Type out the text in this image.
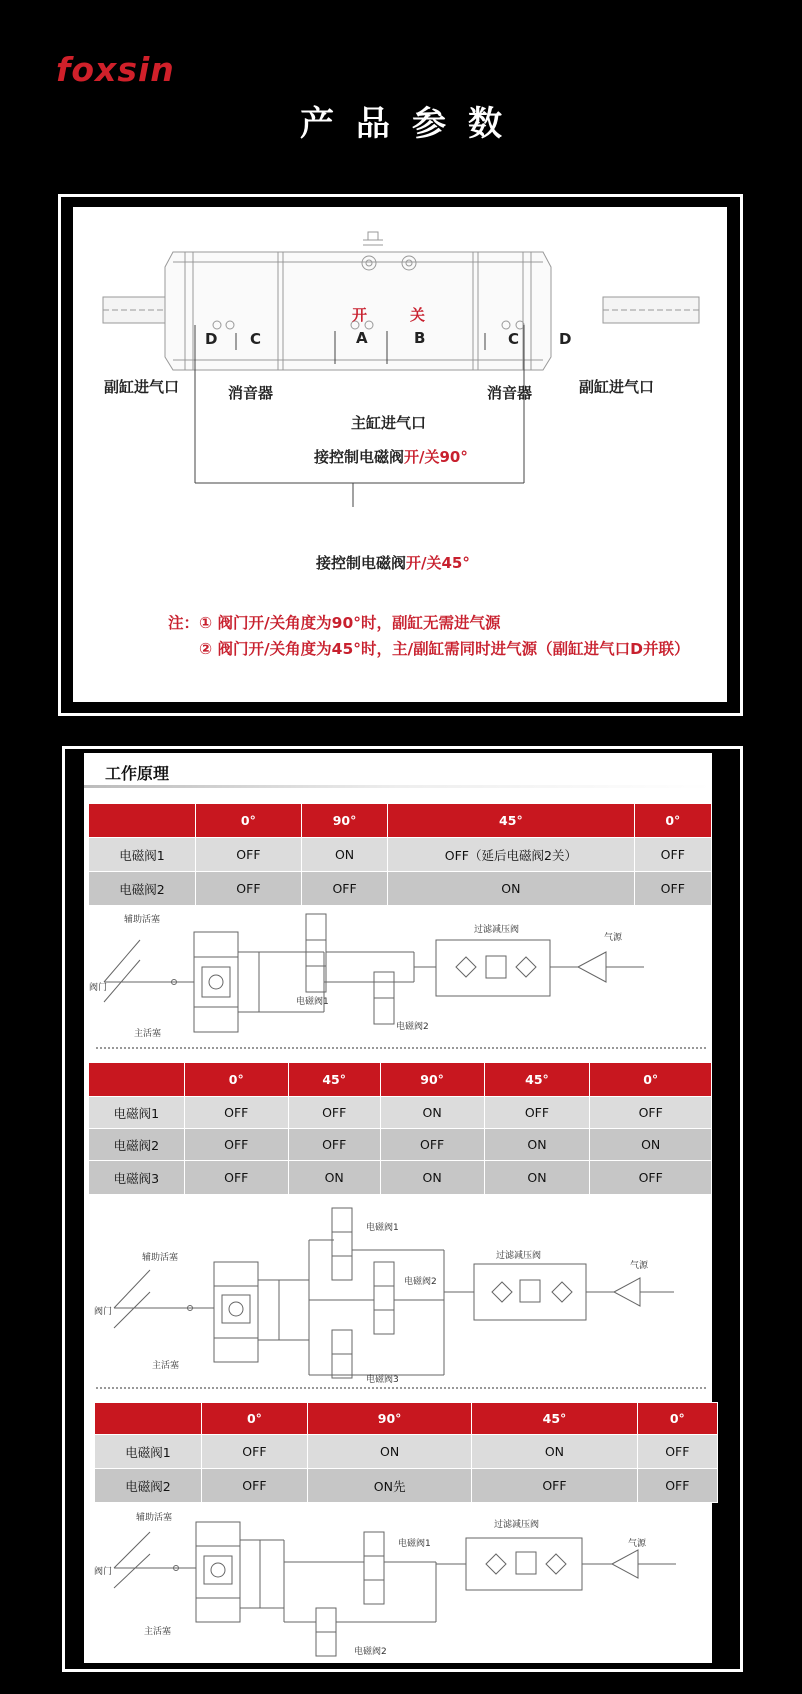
foxsin
产品参数
开	关
D C	A	B	C	D
副缸进气口	副缸进气口
消音器	消音器
主缸进气口
接控制电磁阀开/关90°
接控制电磁阀开/关45°
注：① 阀门开/关角度为90°时，副缸无需进气源
② 阀门开/关角度为45°时，主/副缸需同时进气源（副缸进气口D并联）
工作原理
	0°	90°	45°	0°
电磁阀1	OFF	ON	OFF（延后电磁阀2关）	OFF
电磁阀2	OFF	OFF	ON	OFF
辅助活塞
阀门
主活塞
电磁阀1
电磁阀2
过滤减压阀
气源
	0°	45°	90°	45°	0°
电磁阀1	OFF	OFF	ON	OFF	OFF
电磁阀2	OFF	OFF	OFF	ON	ON
电磁阀3	OFF	ON	ON	ON	OFF
辅助活塞
阀门
主活塞
电磁阀1
电磁阀2
电磁阀3
过滤减压阀
气源
	0°	90°	45°	0°
电磁阀1	OFF	ON	ON	OFF
电磁阀2	OFF	ON先	OFF	OFF
辅助活塞
阀门
主活塞
电磁阀1
电磁阀2
过滤减压阀
气源
